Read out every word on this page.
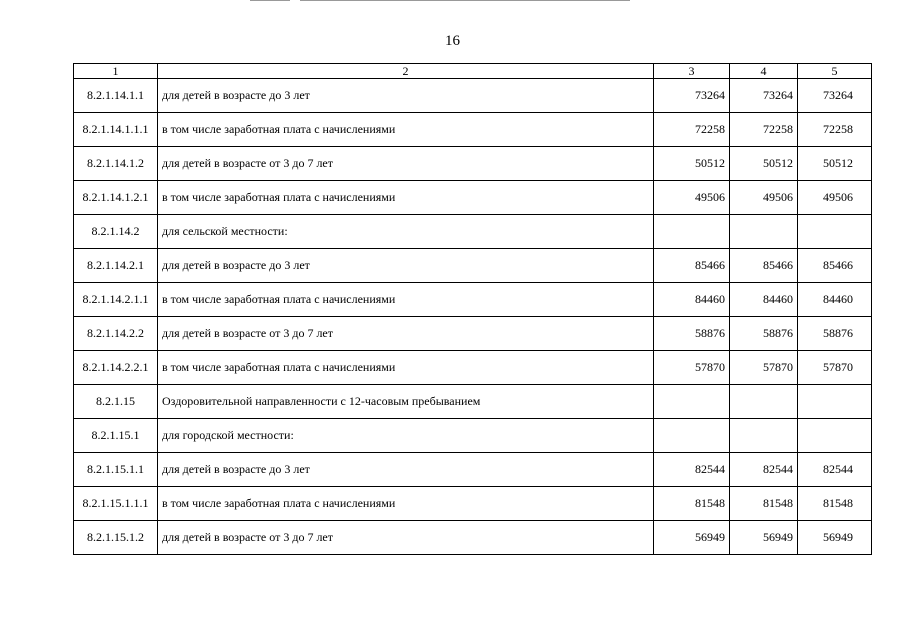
16
1	2	3	4	5
8.2.1.14.1.1	для детей в возрасте до 3 лет	73264	73264	73264
8.2.1.14.1.1.1	в том числе заработная плата с начислениями	72258	72258	72258
8.2.1.14.1.2	для детей в возрасте от 3 до 7 лет	50512	50512	50512
8.2.1.14.1.2.1	в том числе заработная плата с начислениями	49506	49506	49506
8.2.1.14.2	для сельской местности:			
8.2.1.14.2.1	для детей в возрасте до 3 лет	85466	85466	85466
8.2.1.14.2.1.1	в том числе заработная плата с начислениями	84460	84460	84460
8.2.1.14.2.2	для детей в возрасте от 3 до 7 лет	58876	58876	58876
8.2.1.14.2.2.1	в том числе заработная плата с начислениями	57870	57870	57870
8.2.1.15	Оздоровительной направленности с 12-часовым пребыванием			
8.2.1.15.1	для городской местности:			
8.2.1.15.1.1	для детей в возрасте до 3 лет	82544	82544	82544
8.2.1.15.1.1.1	в том числе заработная плата с начислениями	81548	81548	81548
8.2.1.15.1.2	для детей в возрасте от 3 до 7 лет	56949	56949	56949
